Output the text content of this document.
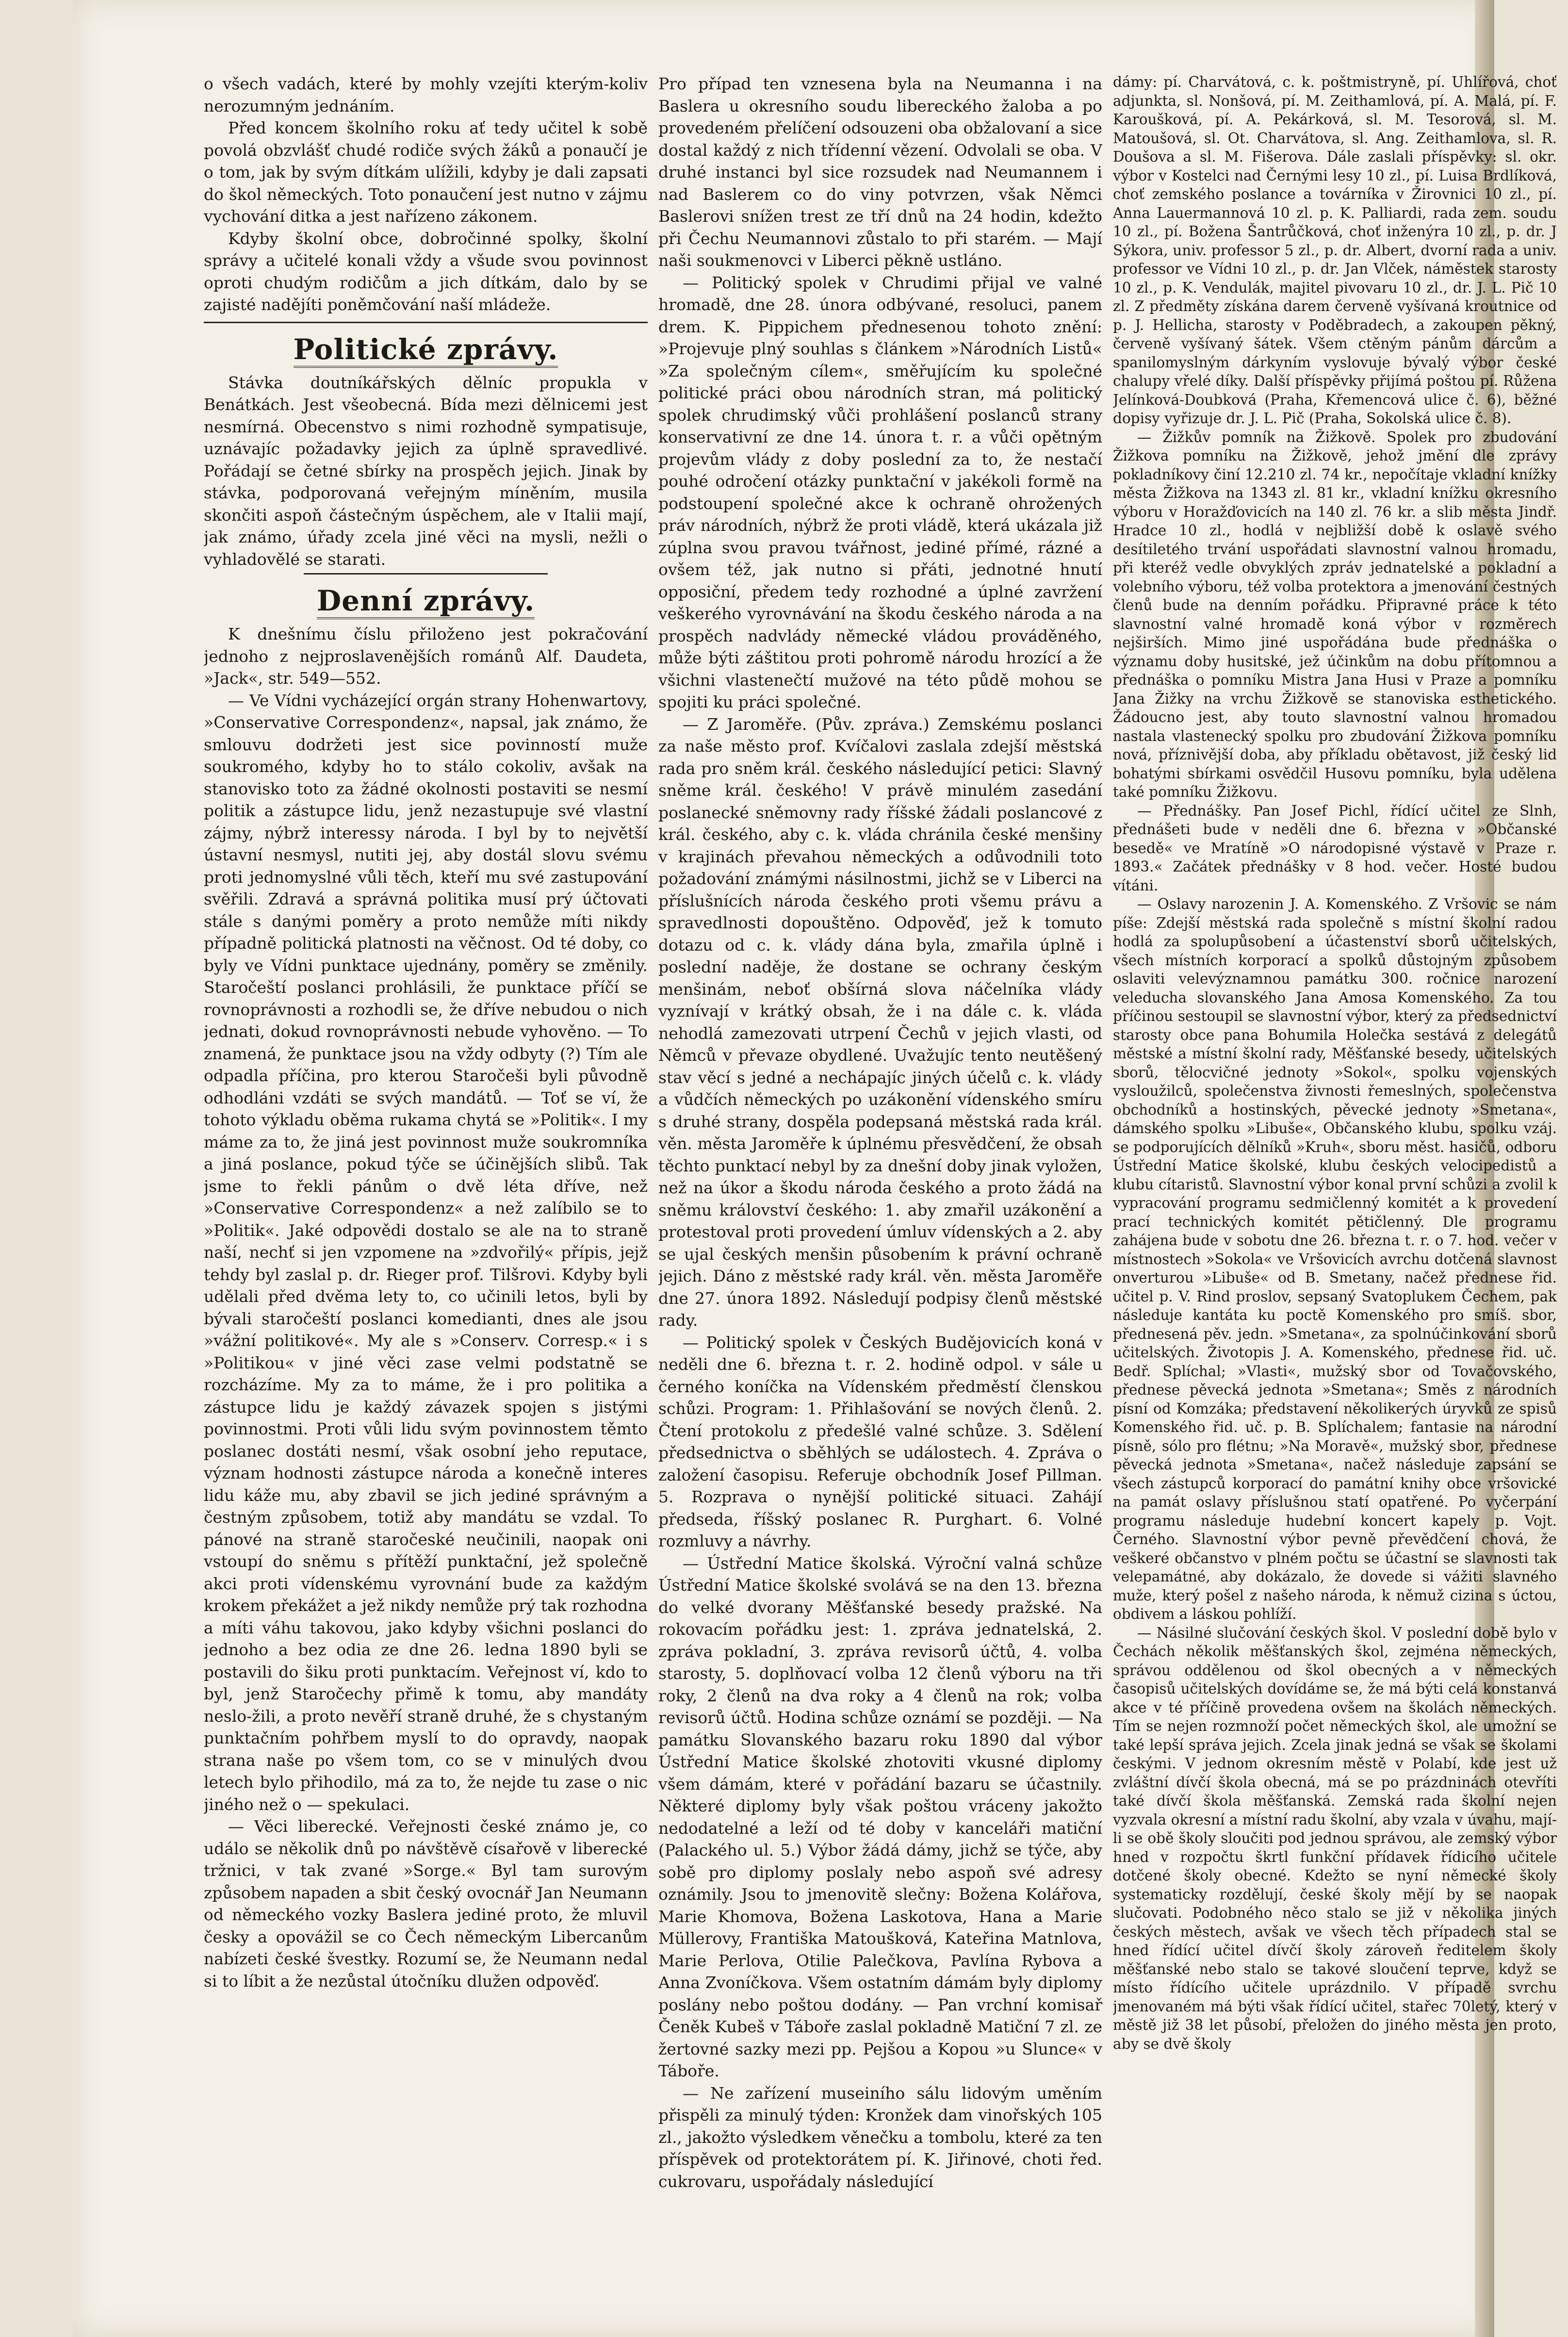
o všech vadách, které by mohly vzejíti kterým-koliv nerozumným jednáním.

Před koncem školního roku ať tedy učitel k sobě povolá obzvlášť chudé rodiče svých žáků a ponaučí je o tom, jak by svým dítkám ulížili, kdyby je dali zapsati do škol německých. Toto ponaučení jest nutno v zájmu vychování ditka a jest nařízeno zákonem.

Kdyby školní obce, dobročinné spolky, školní správy a učitelé konali vždy a všude svou povinnost oproti chudým rodičům a jich dítkám, dalo by se zajisté nadějíti poněmčování naší mládeže.

Politické zprávy.

Stávka doutníkářských dělníc propukla v Benátkách. Jest všeobecná. Bída mezi dělnicemi jest nesmírná. Obecenstvo s nimi rozhodně sympatisuje, uznávajíc požadavky jejich za úplně spravedlivé. Pořádají se četné sbírky na prospěch jejich. Jinak by stávka, podporovaná veřejným míněním, musila skončiti aspoň částečným úspěchem, ale v Italii mají, jak známo, úřady zcela jiné věci na mysli, nežli o vyhladovělé se starati.

Denní zprávy.

K dnešnímu číslu přiloženo jest pokračování jednoho z nejproslavenějších románů Alf. Daudeta, »Jack«, str. 549—552.

— Ve Vídni vycházející orgán strany Hohenwartovy, »Conservative Correspondenz«, napsal, jak známo, že smlouvu dodržeti jest sice povinností muže soukromého, kdyby ho to stálo cokoliv, avšak na stanovisko toto za žádné okolnosti postaviti se nesmí politik a zástupce lidu, jenž nezastupuje své vlastní zájmy, nýbrž interessy národa. I byl by to největší ústavní nesmysl, nutiti jej, aby dostál slovu svému proti jednomyslné vůli těch, kteří mu své zastupování svěřili. Zdravá a správná politika musí prý účtovati stále s danými poměry a proto nemůže míti nikdy případně politická platnosti na věčnost. Od té doby, co byly ve Vídni punktace ujednány, poměry se změnily. Staročeští poslanci prohlásili, že punktace příčí se rovnoprávnosti a rozhodli se, že dříve nebudou o nich jednati, dokud rovnoprávnosti nebude vyhověno. — To znamená, že punktace jsou na vždy odbyty (?) Tím ale odpadla příčina, pro kterou Staročeši byli původně odhodláni vzdáti se svých mandátů. — Toť se ví, že tohoto výkladu oběma rukama chytá se »Politik«. I my máme za to, že jiná jest povinnost muže soukromníka a jiná poslance, pokud týče se účinějších slibů. Tak jsme to řekli pánům o dvě léta dříve, než »Conservative Correspondenz« a než zalíbilo se to »Politik«. Jaké odpovědi dostalo se ale na to straně naší, nechť si jen vzpomene na »zdvořilý« přípis, jejž tehdy byl zaslal p. dr. Rieger prof. Tilšrovi. Kdyby byli udělali před dvěma lety to, co učinili letos, byli by bývali staročeští poslanci komedianti, dnes ale jsou »vážní politikové«. My ale s »Conserv. Corresp.« i s »Politikou« v jiné věci zase velmi podstatně se rozcházíme. My za to máme, že i pro politika a zástupce lidu je každý závazek spojen s jistými povinnostmi. Proti vůli lidu svým povinnostem těmto poslanec dostáti nesmí, však osobní jeho reputace, význam hodnosti zástupce národa a konečně interes lidu káže mu, aby zbavil se jich jediné správným a čestným způsobem, totiž aby mandátu se vzdal. To pánové na straně staročeské neučinili, naopak oni vstoupí do sněmu s přítěží punktační, jež společně akci proti vídenskému vyrovnání bude za každým krokem překážet a jež nikdy nemůže prý tak rozhodna a míti váhu takovou, jako kdyby všichni poslanci do jednoho a bez odia ze dne 26. ledna 1890 byli se postavili do šiku proti punktacím. Veřejnost ví, kdo to byl, jenž Staročechy přimě k tomu, aby mandáty neslo-žili, a proto nevěří straně druhé, že s chystaným punktačním pohřbem myslí to do opravdy, naopak strana naše po všem tom, co se v minulých dvou letech bylo přihodilo, má za to, že nejde tu zase o nic jiného než o — spekulaci.

— Věci liberecké. Veřejnosti české známo je, co událo se několik dnů po návštěvě císařově v liberecké tržnici, v tak zvané »Sorge.« Byl tam surovým způsobem napaden a sbit český ovocnář Jan Neumann od německého vozky Baslera jediné proto, že mluvil česky a opovážil se co Čech německým Libercanům nabízeti české švestky. Rozumí se, že Neumann nedal si to líbit a že nezůstal útočníku dlužen odpověď.

Pro případ ten vznesena byla na Neumanna i na Baslera u okresního soudu libereckého žaloba a po provedeném přelíčení odsouzeni oba obžalovaní a sice dostal každý z nich třídenní vězení. Odvolali se oba. V druhé instanci byl sice rozsudek nad Neumannem i nad Baslerem co do viny potvrzen, však Němci Baslerovi snížen trest ze tří dnů na 24 hodin, kdežto při Čechu Neumannovi zůstalo to při starém. — Mají naši soukmenovci v Liberci pěkně ustláno.

— Politický spolek v Chrudimi přijal ve valné hromadě, dne 28. února odbývané, resoluci, panem drem. K. Pippichem přednesenou tohoto znění: »Projevuje plný souhlas s článkem »Národních Listů« »Za společným cílem«, směřujícím ku společné politické práci obou národních stran, má politický spolek chrudimský vůči prohlášení poslanců strany konservativní ze dne 14. února t. r. a vůči opětným projevům vlády z doby poslední za to, že nestačí pouhé odročení otázky punktační v jakékoli formě na podstoupení společné akce k ochraně ohrožených práv národních, nýbrž že proti vládě, která ukázala již zúplna svou pravou tvářnost, jediné přímé, rázné a ovšem též, jak nutno si přáti, jednotné hnutí opposiční, předem tedy rozhodné a úplné zavržení veškerého vyrovnávání na škodu českého národa a na prospěch nadvlády německé vládou prováděného, může býti záštitou proti pohromě národu hrozící a že všichni vlastenečtí mužové na této půdě mohou se spojiti ku práci společné.

— Z Jaroměře. (Pův. zpráva.) Zemskému poslanci za naše město prof. Kvíčalovi zaslala zdejší městská rada pro sněm král. českého následující petici: Slavný sněme král. českého! V právě minulém zasedání poslanecké sněmovny rady říšské žádali poslancové z král. českého, aby c. k. vláda chránila české menšiny v krajinách převahou německých a odůvodnili toto požadování známými násilnostmi, jichž se v Liberci na příslušnících národa českého proti všemu právu a spravedlnosti dopouštěno. Odpověď, jež k tomuto dotazu od c. k. vlády dána byla, zmařila úplně i poslední naděje, že dostane se ochrany českým menšinám, neboť obšírná slova náčelníka vlády vyznívají v krátký obsah, že i na dále c. k. vláda nehodlá zamezovati utrpení Čechů v jejich vlasti, od Němců v převaze obydlené. Uvažujíc tento neutěšený stav věcí s jedné a nechápajíc jiných účelů c. k. vlády a vůdčích německých po uzákonění vídenského smíru s druhé strany, dospěla podepsaná městská rada král. věn. města Jaroměře k úplnému přesvědčení, že obsah těchto punktací nebyl by za dnešní doby jinak vyložen, než na úkor a škodu národa českého a proto žádá na sněmu království českého: 1. aby zmařil uzákonění a protestoval proti provedení úmluv vídenských a 2. aby se ujal českých menšin působením k právní ochraně jejich. Dáno z městské rady král. věn. města Jaroměře dne 27. února 1892. Následují podpisy členů městské rady.

— Politický spolek v Českých Budějovicích koná v neděli dne 6. března t. r. 2. hodině odpol. v sále u černého koníčka na Vídenském předměstí členskou schůzi. Program: 1. Přihlašování se nových členů. 2. Čtení protokolu z předešlé valné schůze. 3. Sdělení předsednictva o sběhlých se událostech. 4. Zpráva o založení časopisu. Referuje obchodník Josef Pillman. 5. Rozprava o nynější politické situaci. Zahájí předseda, říšský poslanec R. Purghart. 6. Volné rozmluvy a návrhy.

— Ústřední Matice školská. Výroční valná schůze Ústřední Matice školské svolává se na den 13. března do velké dvorany Měšťanské besedy pražské. Na rokovacím pořádku jest: 1. zpráva jednatelská, 2. zpráva pokladní, 3. zpráva revisorů účtů, 4. volba starosty, 5. doplňovací volba 12 členů výboru na tři roky, 2 členů na dva roky a 4 členů na rok; volba revisorů účtů. Hodina schůze oznámí se později. — Na památku Slovanského bazaru roku 1890 dal výbor Ústřední Matice školské zhotoviti vkusné diplomy všem dámám, které v pořádání bazaru se účastnily. Některé diplomy byly však poštou vráceny jakožto nedodatelné a leží od té doby v kanceláři matiční (Palackého ul. 5.) Výbor žádá dámy, jichž se týče, aby sobě pro diplomy poslaly nebo aspoň své adresy oznámily. Jsou to jmenovitě slečny: Božena Kolářova, Marie Khomova, Božena Laskotova, Hana a Marie Müllerovy, Františka Matoušková, Kateřina Matnlova, Marie Perlova, Otilie Palečkova, Pavlína Rybova a Anna Zvoníčkova. Všem ostatním dámám byly diplomy poslány nebo poštou dodány. — Pan vrchní komisař Čeněk Kubeš v Táboře zaslal pokladně Matiční 7 zl. ze žertovné sazky mezi pp. Pejšou a Kopou »u Slunce« v Táboře.

— Ne zařízení museiního sálu lidovým uměním přispěli za minulý týden: Kronžek dam vinořských 105 zl., jakožto výsledkem věnečku a tombolu, které za ten příspěvek od protektorátem pí. K. Jiřinové, choti řed. cukrovaru, uspořádaly následující

dámy: pí. Charvátová, c. k. poštmistryně, pí. Uhlířová, choť adjunkta, sl. Nonšová, pí. M. Zeithamlová, pí. A. Malá, pí. F. Karoušková, pí. A. Pekárková, sl. M. Tesorová, sl. M. Matoušová, sl. Ot. Charvátova, sl. Ang. Zeithamlova, sl. R. Doušova a sl. M. Fišerova. Dále zaslali příspěvky: sl. okr. výbor v Kostelci nad Černými lesy 10 zl., pí. Luisa Brdlíková, choť zemského poslance a továrníka v Žirovnici 10 zl., pí. Anna Lauermannová 10 zl. p. K. Palliardi, rada zem. soudu 10 zl., pí. Božena Šantrůčková, choť inženýra 10 zl., p. dr. J Sýkora, univ. professor 5 zl., p. dr. Albert, dvorní rada a univ. professor ve Vídni 10 zl., p. dr. Jan Vlček, náměstek starosty 10 zl., p. K. Vendulák, majitel pivovaru 10 zl., dr. J. L. Pič 10 zl. Z předměty získána darem červeně vyšívaná kroutnice od p. J. Hellicha, starosty v Poděbradech, a zakoupen pěkný, červeně vyšívaný šátek. Všem ctěným pánům dárcům a spanilomyslným dárkyním vyslovuje bývalý výbor české chalupy vřelé díky. Další příspěvky přijímá poštou pí. Růžena Jelínková-Doubková (Praha, Křemencová ulice č. 6), běžné dopisy vyřizuje dr. J. L. Pič (Praha, Sokolská ulice č. 8).

— Žižkův pomník na Žižkově. Spolek pro zbudování Žižkova pomníku na Žižkově, jehož jmění dle zprávy pokladníkovy činí 12.210 zl. 74 kr., nepočítaje vkladní knížky města Žižkova na 1343 zl. 81 kr., vkladní knížku okresního výboru v Horažďovicích na 140 zl. 76 kr. a slib města Jindř. Hradce 10 zl., hodlá v nejbližší době k oslavě svého desítiletého trvání uspořádati slavnostní valnou hromadu, při kteréž vedle obvyklých zpráv jednatelské a pokladní a volebního výboru, též volba protektora a jmenování čestných členů bude na denním pořádku. Připravné práce k této slavnostní valné hromadě koná výbor v rozměrech nejširších. Mimo jiné uspořádána bude přednáška o významu doby husitské, jež účinkům na dobu přítomnou a přednáška o pomníku Mistra Jana Husi v Praze a pomníku Jana Žižky na vrchu Žižkově se stanoviska esthetického. Žádoucno jest, aby touto slavnostní valnou hromadou nastala vlastenecký spolku pro zbudování Žižkova pomníku nová, příznivější doba, aby příkladu obětavost, již český lid bohatými sbírkami osvědčil Husovu pomníku, byla udělena také pomníku Žižkovu.

— Přednášky. Pan Josef Pichl, řídící učitel ze Slnh, přednášeti bude v neděli dne 6. března v »Občanské besedě« ve Mratíně »O národopisné výstavě v Praze r. 1893.« Začátek přednášky v 8 hod. večer. Hosté budou vítáni.

— Oslavy narozenin J. A. Komenského. Z Vršovic se nám píše: Zdejší městská rada společně s místní školní radou hodlá za spolupůsobení a účastenství sborů učitelských, všech místních korporací a spolků důstojným způsobem oslaviti velevýznamnou památku 300. ročnice narození veleducha slovanského Jana Amosa Komenského. Za tou příčinou sestoupil se slavnostní výbor, který za předsednictví starosty obce pana Bohumila Holečka sestává z delegátů městské a místní školní rady, Měšťanské besedy, učitelských sborů, tělocvičné jednoty »Sokol«, spolku vojenských vysloužilců, společenstva živnosti řemeslných, společenstva obchodníků a hostinských, pěvecké jednoty »Smetana«, dámského spolku »Libuše«, Občanského klubu, spolku vzáj. se podporujících dělníků »Kruh«, sboru měst. hasičů, odboru Ústřední Matice školské, klubu českých velocipedistů a klubu cítaristů. Slavnostní výbor konal první schůzi a zvolil k vypracování programu sedmičlenný komitét a k provedení prací technických komitét pětičlenný. Dle programu zahájena bude v sobotu dne 26. března t. r. o 7. hod. večer v místnostech »Sokola« ve Vršovicích avrchu dotčená slavnost onverturou »Libuše« od B. Smetany, načež přednese řid. učitel p. V. Rind proslov, sepsaný Svatoplukem Čechem, pak následuje kantáta ku poctě Komenského pro smíš. sbor, přednesená pěv. jedn. »Smetana«, za spolnúčinkování sborů učitelských. Životopis J. A. Komenského, přednese řid. uč. Bedř. Splíchal; »Vlasti«, mužský sbor od Tovačovského, přednese pěvecká jednota »Smetana«; Směs z národních písní od Komzáka; představení několikerých úryvků ze spisů Komenského řid. uč. p. B. Splíchalem; fantasie na národní písně, sólo pro flétnu; »Na Moravě«, mužský sbor, přednese pěvecká jednota »Smetana«, načež následuje zapsání se všech zástupců korporací do památní knihy obce vršovické na památ oslavy příslušnou statí opatřené. Po vyčerpání programu následuje hudební koncert kapely p. Vojt. Černého. Slavnostní výbor pevně převědčení chová, že veškeré občanstvo v plném počtu se účastní se slavnosti tak velepamátné, aby dokázalo, že dovede si vážiti slavného muže, který pošel z našeho národa, k němuž cizina s úctou, obdivem a láskou pohlíží.

— Násilné slučování českých škol. V poslední době bylo v Čechách několik měšťanských škol, zejména německých, správou oddělenou od škol obecných a v německých časopisů učitelských dovídáme se, že má býti celá konstanvá akce v té příčině provedena ovšem na školách německých. Tím se nejen rozmnoží počet německých škol, ale umožní se také lepší správa jejich. Zcela jinak jedná se však se školami českými. V jednom okresním městě v Polabí, kde jest už zvláštní dívčí škola obecná, má se po prázdninách otevříti také dívčí škola měšťanská. Zemská rada školní nejen vyzvala okresní a místní radu školní, aby vzala v úvahu, mají-li se obě školy sloučiti pod jednou správou, ale zemský výbor hned v rozpočtu škrtl funkční přídavek řídicího učitele dotčené školy obecné. Kdežto se nyní německé školy systematicky rozdělují, české školy mějí by se naopak slučovati. Podobného něco stalo se již v několika jiných českých městech, avšak ve všech těch případech stal se hned řídící učitel dívčí školy zároveň ředitelem školy měšťanské nebo stalo se takové sloučení teprve, když se místo řídícího učitele uprázdnilo. V případě svrchu jmenovaném má býti však řídící učitel, stařec 70letý, který v městě již 38 let působí, přeložen do jiného města jen proto, aby se dvě školy
